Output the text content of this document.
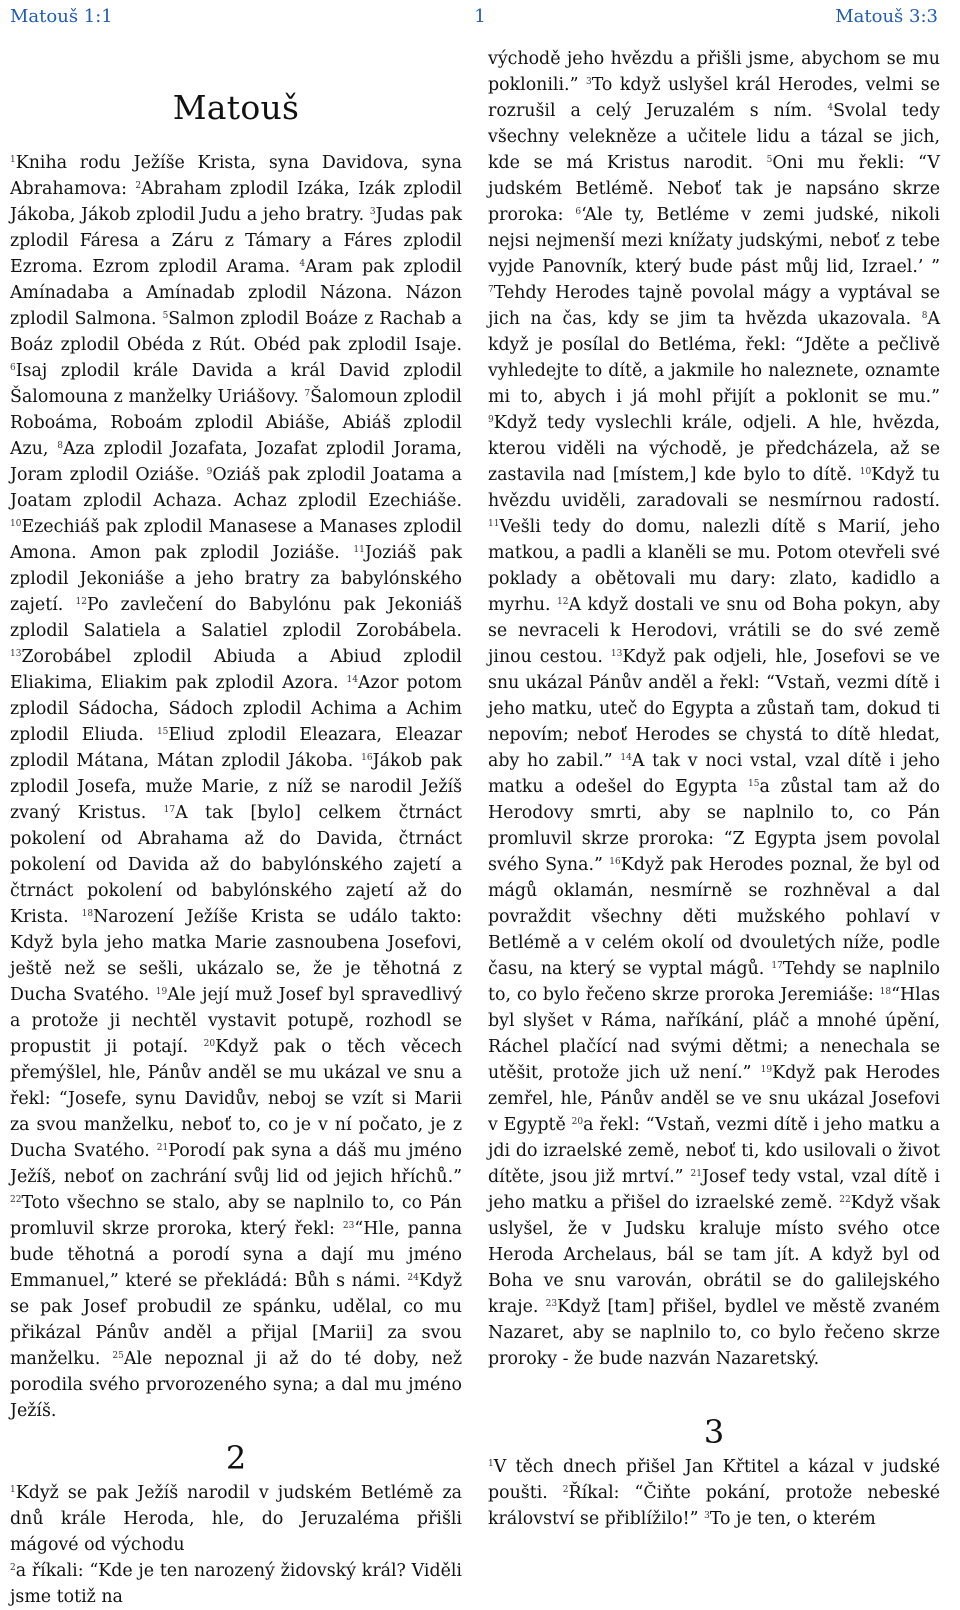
Matouš 1:1	1	Matouš 3:3
Matouš

$^1$Kniha rodu Ježíše Krista, syna Davidova, syna Abrahamova: $^2$Abraham zplodil Izáka, Izák zplodil Jákoba, Jákob zplodil Judu a jeho bratry. $^3$Judas pak zplodil Fáresa a Záru z Támary a Fáres zplodil Ezroma. Ezrom zplodil Arama. $^4$Aram pak zplodil Amínadaba a Amínadab zplodil Názona. Názon zplodil Salmona. $^5$Salmon zplodil Boáze z Rachab a Boáz zplodil Obéda z Rút. Obéd pak zplodil Isaje. $^6$Isaj zplodil krále Davida a král David zplodil Šalomouna z manželky Uriášovy. $^7$Šalomoun zplodil Roboáma, Roboám zplodil Abiáše, Abiáš zplodil Azu, $^8$Aza zplodil Jozafata, Jozafat zplodil Jorama, Joram zplodil Oziáše. $^9$Oziáš pak zplodil Joatama a Joatam zplodil Achaza. Achaz zplodil Ezechiáše. $^{10}$Ezechiáš pak zplodil Manasese a Manases zplodil Amona. Amon pak zplodil Joziáše. $^{11}$Joziáš pak zplodil Jekoniáše a jeho bratry za babylónského zajetí. $^{12}$Po zavlečení do Babylónu pak Jekoniáš zplodil Salatiela a Salatiel zplodil Zorobábela. $^{13}$Zorobábel zplodil Abiuda a Abiud zplodil Eliakima, Eliakim pak zplodil Azora. $^{14}$Azor potom zplodil Sádocha, Sádoch zplodil Achima a Achim zplodil Eliuda. $^{15}$Eliud zplodil Eleazara, Eleazar zplodil Mátana, Mátan zplodil Jákoba. $^{16}$Jákob pak zplodil Josefa, muže Marie, z níž se narodil Ježíš zvaný Kristus. $^{17}$A tak [bylo] celkem čtrnáct pokolení od Abrahama až do Davida, čtrnáct pokolení od Davida až do babylónského zajetí a čtrnáct pokolení od babylónského zajetí až do Krista. $^{18}$Narození Ježíše Krista se událo takto: Když byla jeho matka Marie zasnoubena Josefovi, ještě než se sešli, ukázalo se, že je těhotná z Ducha Svatého. $^{19}$Ale její muž Josef byl spravedlivý a protože ji nechtěl vystavit potupě, rozhodl se propustit ji potají. $^{20}$Když pak o těch věcech přemýšlel, hle, Pánův anděl se mu ukázal ve snu a řekl: “Josefe, synu Davidův, neboj se vzít si Marii za svou manželku, neboť to, co je v ní počato, je z Ducha Svatého. $^{21}$Porodí pak syna a dáš mu jméno Ježíš, neboť on zachrání svůj lid od jejich hříchů.” $^{22}$Toto všechno se stalo, aby se naplnilo to, co Pán promluvil skrze proroka, který řekl: $^{23}$“Hle, panna bude těhotná a porodí syna a dají mu jméno Emmanuel,” které se překládá: Bůh s námi. $^{24}$Když se pak Josef probudil ze spánku, udělal, co mu přikázal Pánův anděl a přijal [Marii] za svou manželku. $^{25}$Ale nepoznal ji až do té doby, než porodila svého prvorozeného syna; a dal mu jméno Ježíš.

2

$^1$Když se pak Ježíš narodil v judském Betlémě za dnů krále Heroda, hle, do Jeruzaléma přišli mágové od východu

$^2$a říkali: “Kde je ten narozený židovský král? Viděli jsme totiž na

východě jeho hvězdu a přišli jsme, abychom se mu poklonili.” $^3$To když uslyšel král Herodes, velmi se rozrušil a celý Jeruzalém s ním. $^4$Svolal tedy všechny velekněze a učitele lidu a tázal se jich, kde se má Kristus narodit. $^5$Oni mu řekli: “V judském Betlémě. Neboť tak je napsáno skrze proroka: $^6$‘Ale ty, Betléme v zemi judské, nikoli nejsi nejmenší mezi knížaty judskými, neboť z tebe vyjde Panovník, který bude pást můj lid, Izrael.’ ” $^7$Tehdy Herodes tajně povolal mágy a vyptával se jich na čas, kdy se jim ta hvězda ukazovala. $^8$A když je posílal do Betléma, řekl: “Jděte a pečlivě vyhledejte to dítě, a jakmile ho naleznete, oznamte mi to, abych i já mohl přijít a poklonit se mu.” $^9$Když tedy vyslechli krále, odjeli. A hle, hvězda, kterou viděli na východě, je předcházela, až se zastavila nad [místem,] kde bylo to dítě. $^{10}$Když tu hvězdu uviděli, zaradovali se nesmírnou radostí. $^{11}$Vešli tedy do domu, nalezli dítě s Marií, jeho matkou, a padli a klaněli se mu. Potom otevřeli své poklady a obětovali mu dary: zlato, kadidlo a myrhu. $^{12}$A když dostali ve snu od Boha pokyn, aby se nevraceli k Herodovi, vrátili se do své země jinou cestou. $^{13}$Když pak odjeli, hle, Josefovi se ve snu ukázal Pánův anděl a řekl: “Vstaň, vezmi dítě i jeho matku, uteč do Egypta a zůstaň tam, dokud ti nepovím; neboť Herodes se chystá to dítě hledat, aby ho zabil.” $^{14}$A tak v noci vstal, vzal dítě i jeho matku a odešel do Egypta $^{15}$a zůstal tam až do Herodovy smrti, aby se naplnilo to, co Pán promluvil skrze proroka: “Z Egypta jsem povolal svého Syna.” $^{16}$Když pak Herodes poznal, že byl od mágů oklamán, nesmírně se rozhněval a dal povraždit všechny děti mužského pohlaví v Betlémě a v celém okolí od dvouletých níže, podle času, na který se vyptal mágů. $^{17}$Tehdy se naplnilo to, co bylo řečeno skrze proroka Jeremiáše: $^{18}$“Hlas byl slyšet v Ráma, naříkání, pláč a mnohé úpění, Ráchel plačící nad svými dětmi; a nenechala se utěšit, protože jich už není.” $^{19}$Když pak Herodes zemřel, hle, Pánův anděl se ve snu ukázal Josefovi v Egyptě $^{20}$a řekl: “Vstaň, vezmi dítě i jeho matku a jdi do izraelské země, neboť ti, kdo usilovali o život dítěte, jsou již mrtví.” $^{21}$Josef tedy vstal, vzal dítě i jeho matku a přišel do izraelské země. $^{22}$Když však uslyšel, že v Judsku kraluje místo svého otce Heroda Archelaus, bál se tam jít. A když byl od Boha ve snu varován, obrátil se do galilejského kraje. $^{23}$Když [tam] přišel, bydlel ve městě zvaném Nazaret, aby se naplnilo to, co bylo řečeno skrze proroky - že bude nazván Nazaretský.

3

$^1$V těch dnech přišel Jan Křtitel a kázal v judské poušti. $^2$Říkal: “Čiňte pokání, protože nebeské království se přiblížilo!” $^3$To je ten, o kterém
